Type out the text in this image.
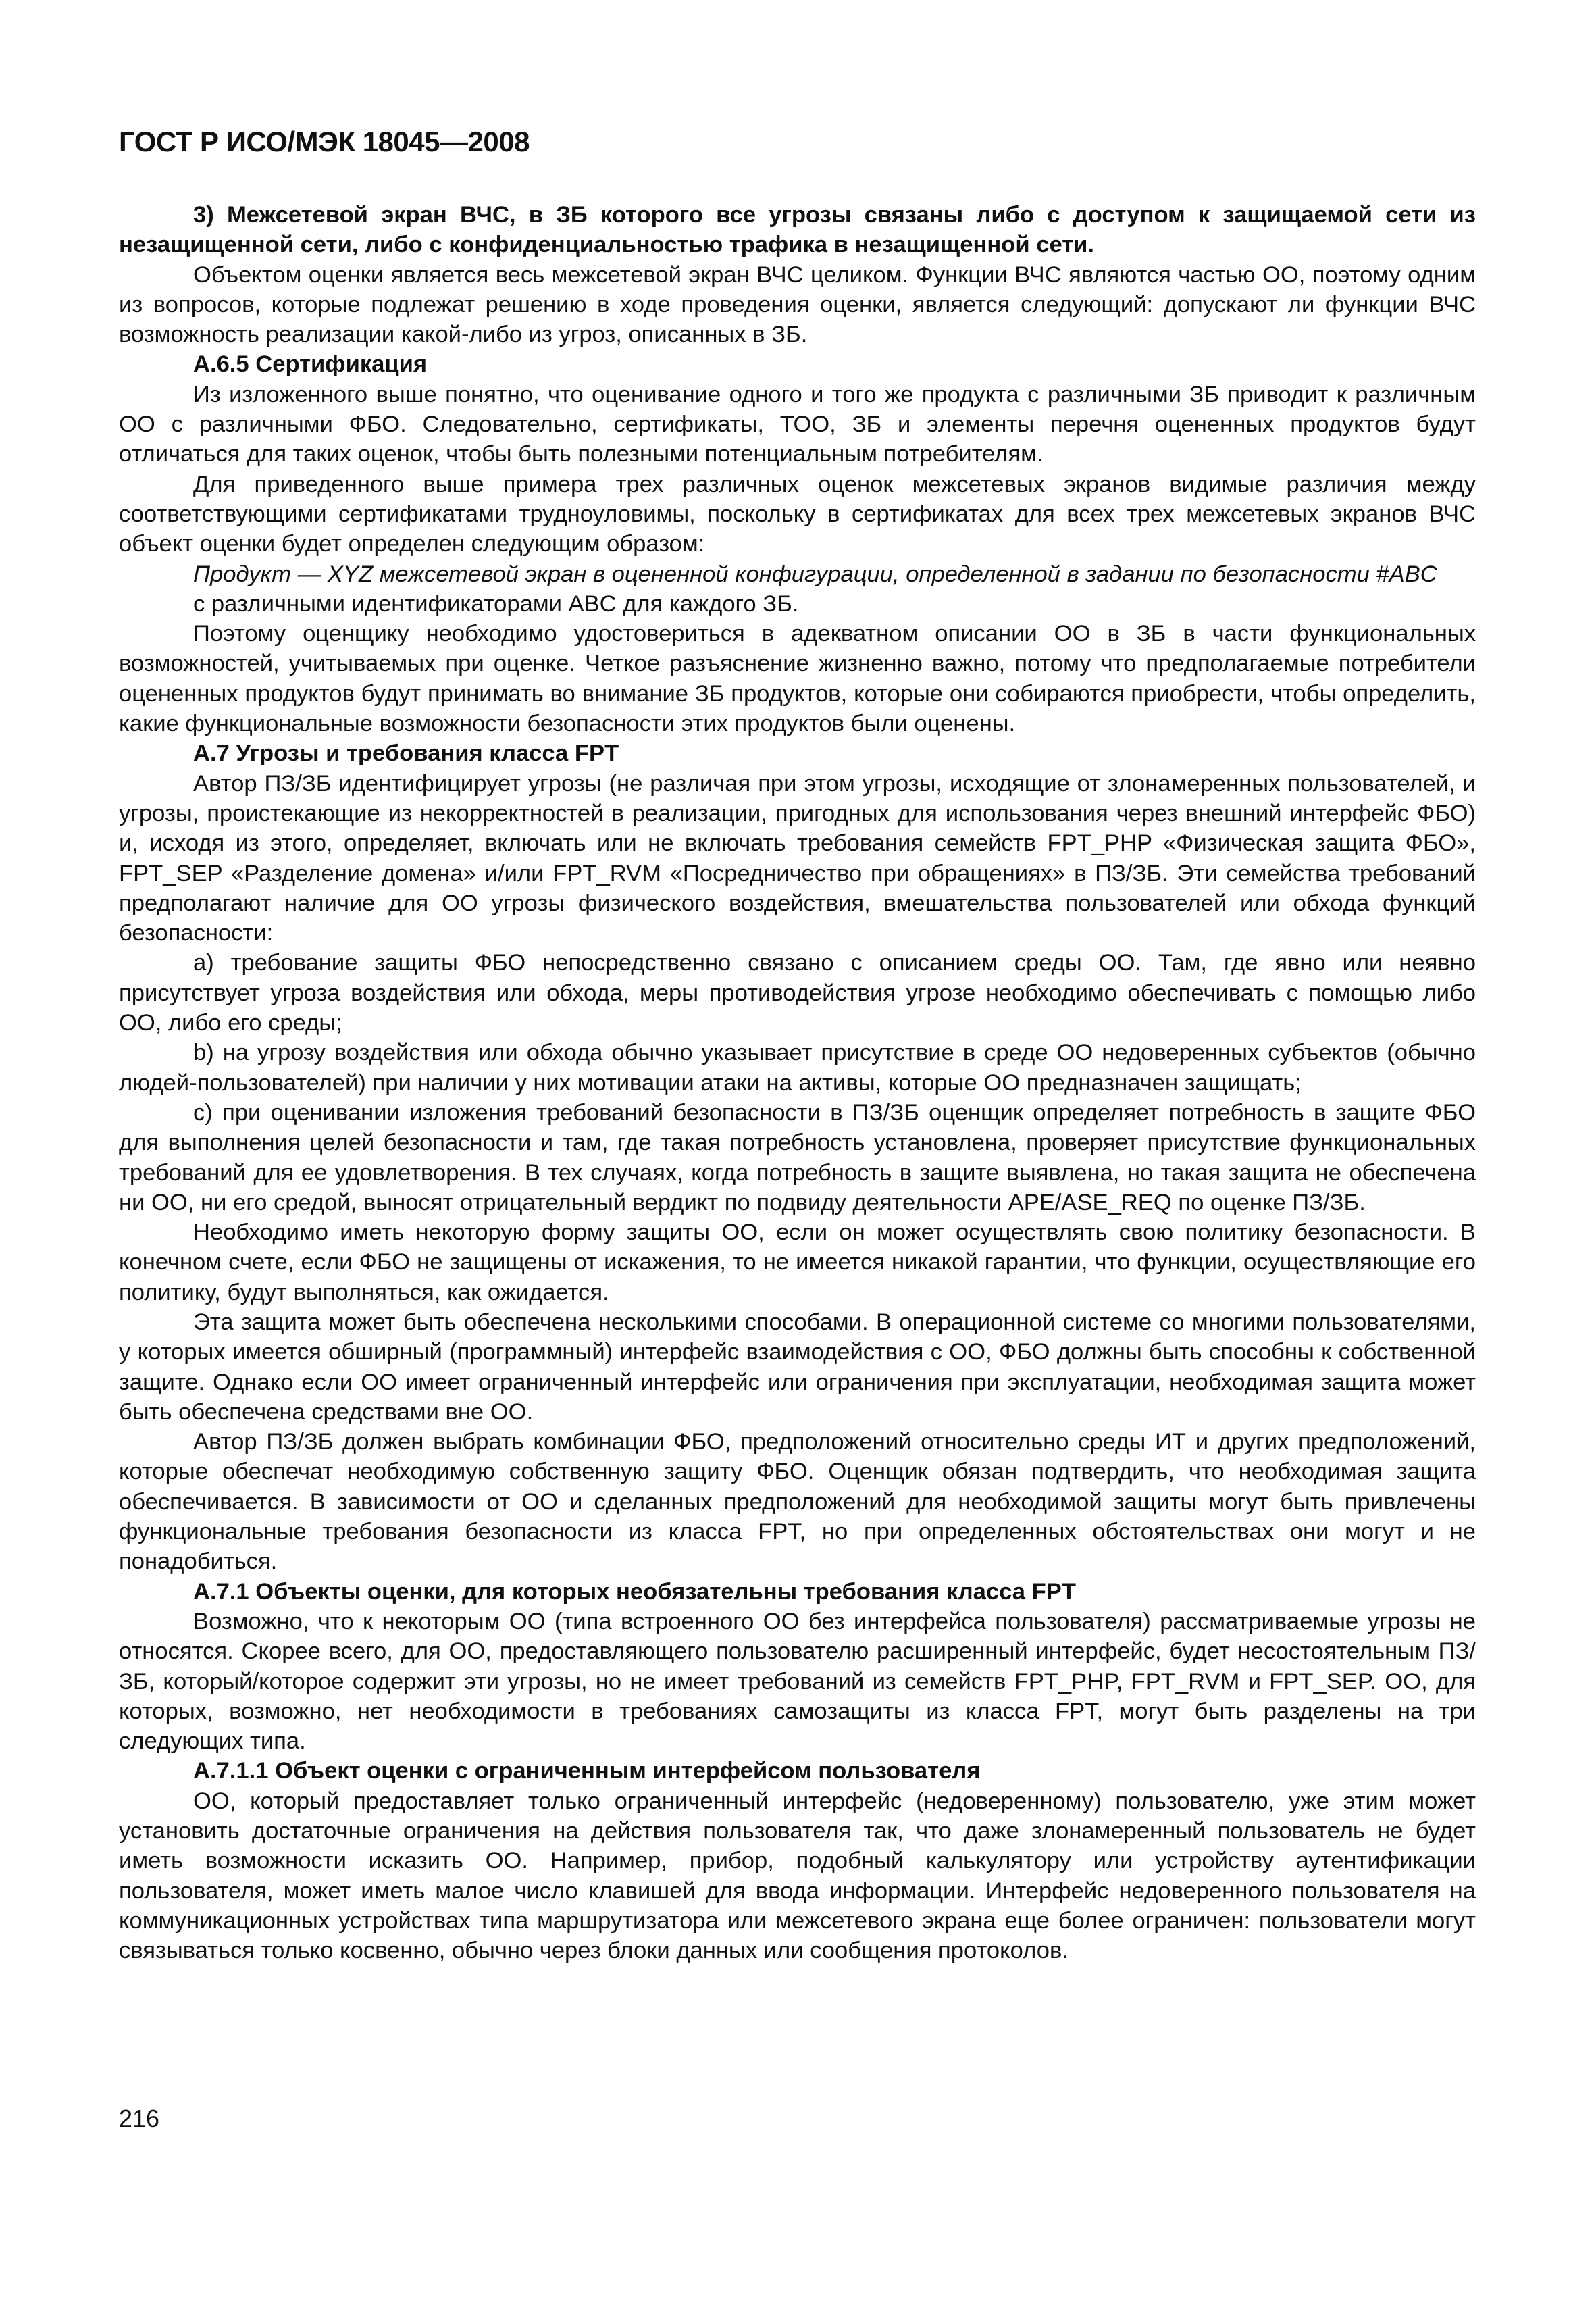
ГОСТ Р ИСО/МЭК 18045—2008

3) Межсетевой экран ВЧС, в ЗБ которого все угрозы связаны либо с доступом к защищаемой сети из незащищенной сети, либо с конфиденциальностью трафика в незащищенной сети.

Объектом оценки является весь межсетевой экран ВЧС целиком. Функции ВЧС являются частью ОО, поэтому одним из вопросов, которые подлежат решению в ходе проведения оценки, является следующий: допускают ли функции ВЧС возможность реализации какой-либо из угроз, описанных в ЗБ.

А.6.5 Сертификация

Из изложенного выше понятно, что оценивание одного и того же продукта с различными ЗБ приводит к различным ОО с различными ФБО. Следовательно, сертификаты, ТОО, ЗБ и элементы перечня оцененных продуктов будут отличаться для таких оценок, чтобы быть полезными потенциальным потребителям.

Для приведенного выше примера трех различных оценок межсетевых экранов видимые различия между соответствующими сертификатами трудноуловимы, поскольку в сертификатах для всех трех межсетевых экранов ВЧС объект оценки будет определен следующим образом:

Продукт — XYZ межсетевой экран в оцененной конфигурации, определенной в задании по безопасности #ABC

с различными идентификаторами ABC для каждого ЗБ.

Поэтому оценщику необходимо удостовериться в адекватном описании ОО в ЗБ в части функциональных возможностей, учитываемых при оценке. Четкое разъяснение жизненно важно, потому что предполагаемые потребители оцененных продуктов будут принимать во внимание ЗБ продуктов, которые они собираются приобрести, чтобы определить, какие функциональные возможности безопасности этих продуктов были оценены.

А.7 Угрозы и требования класса FPT

Автор ПЗ/ЗБ идентифицирует угрозы (не различая при этом угрозы, исходящие от злонамеренных пользователей, и угрозы, проистекающие из некорректностей в реализации, пригодных для использования через внешний интерфейс ФБО) и, исходя из этого, определяет, включать или не включать требования семейств FPT_PHP «Физическая защита ФБО», FPT_SEP «Разделение домена» и/или FPT_RVM «Посредничество при обращениях» в ПЗ/ЗБ. Эти семейства требований предполагают наличие для ОО угрозы физического воздействия, вмешательства пользователей или обхода функций безопасности:

а) требование защиты ФБО непосредственно связано с описанием среды ОО. Там, где явно или неявно присутствует угроза воздействия или обхода, меры противодействия угрозе необходимо обеспечивать с помощью либо ОО, либо его среды;

b) на угрозу воздействия или обхода обычно указывает присутствие в среде ОО недоверенных субъектов (обычно людей-пользователей) при наличии у них мотивации атаки на активы, которые ОО предназначен защищать;

с) при оценивании изложения требований безопасности в ПЗ/ЗБ оценщик определяет потребность в защите ФБО для выполнения целей безопасности и там, где такая потребность установлена, проверяет присутствие функциональных требований для ее удовлетворения. В тех случаях, когда потребность в защите выявлена, но такая защита не обеспечена ни ОО, ни его средой, выносят отрицательный вердикт по подвиду деятельности APE/ASE_REQ по оценке ПЗ/ЗБ.

Необходимо иметь некоторую форму защиты ОО, если он может осуществлять свою политику безопасности. В конечном счете, если ФБО не защищены от искажения, то не имеется никакой гарантии, что функции, осуществляющие его политику, будут выполняться, как ожидается.

Эта защита может быть обеспечена несколькими способами. В операционной системе со многими пользователями, у которых имеется обширный (программный) интерфейс взаимодействия с ОО, ФБО должны быть способны к собственной защите. Однако если ОО имеет ограниченный интерфейс или ограничения при эксплуатации, необходимая защита может быть обеспечена средствами вне ОО.

Автор ПЗ/ЗБ должен выбрать комбинации ФБО, предположений относительно среды ИТ и других предположений, которые обеспечат необходимую собственную защиту ФБО. Оценщик обязан подтвердить, что необходимая защита обеспечивается. В зависимости от ОО и сделанных предположений для необходимой защиты могут быть привлечены функциональные требования безопасности из класса FPT, но при определенных обстоятельствах они могут и не понадобиться.

А.7.1 Объекты оценки, для которых необязательны требования класса FPT

Возможно, что к некоторым ОО (типа встроенного ОО без интерфейса пользователя) рассматриваемые угрозы не относятся. Скорее всего, для ОО, предоставляющего пользователю расширенный интерфейс, будет несостоятельным ПЗ/ЗБ, который/которое содержит эти угрозы, но не имеет требований из семейств FPT_PHP, FPT_RVM и FPT_SEP. ОО, для которых, возможно, нет необходимости в требованиях самозащиты из класса FPT, могут быть разделены на три следующих типа.

А.7.1.1 Объект оценки с ограниченным интерфейсом пользователя

ОО, который предоставляет только ограниченный интерфейс (недоверенному) пользователю, уже этим может установить достаточные ограничения на действия пользователя так, что даже злонамеренный пользователь не будет иметь возможности исказить ОО. Например, прибор, подобный калькулятору или устройству аутентификации пользователя, может иметь малое число клавишей для ввода информации. Интерфейс недоверенного пользователя на коммуникационных устройствах типа маршрутизатора или межсетевого экрана еще более ограничен: пользователи могут связываться только косвенно, обычно через блоки данных или сообщения протоколов.

216
